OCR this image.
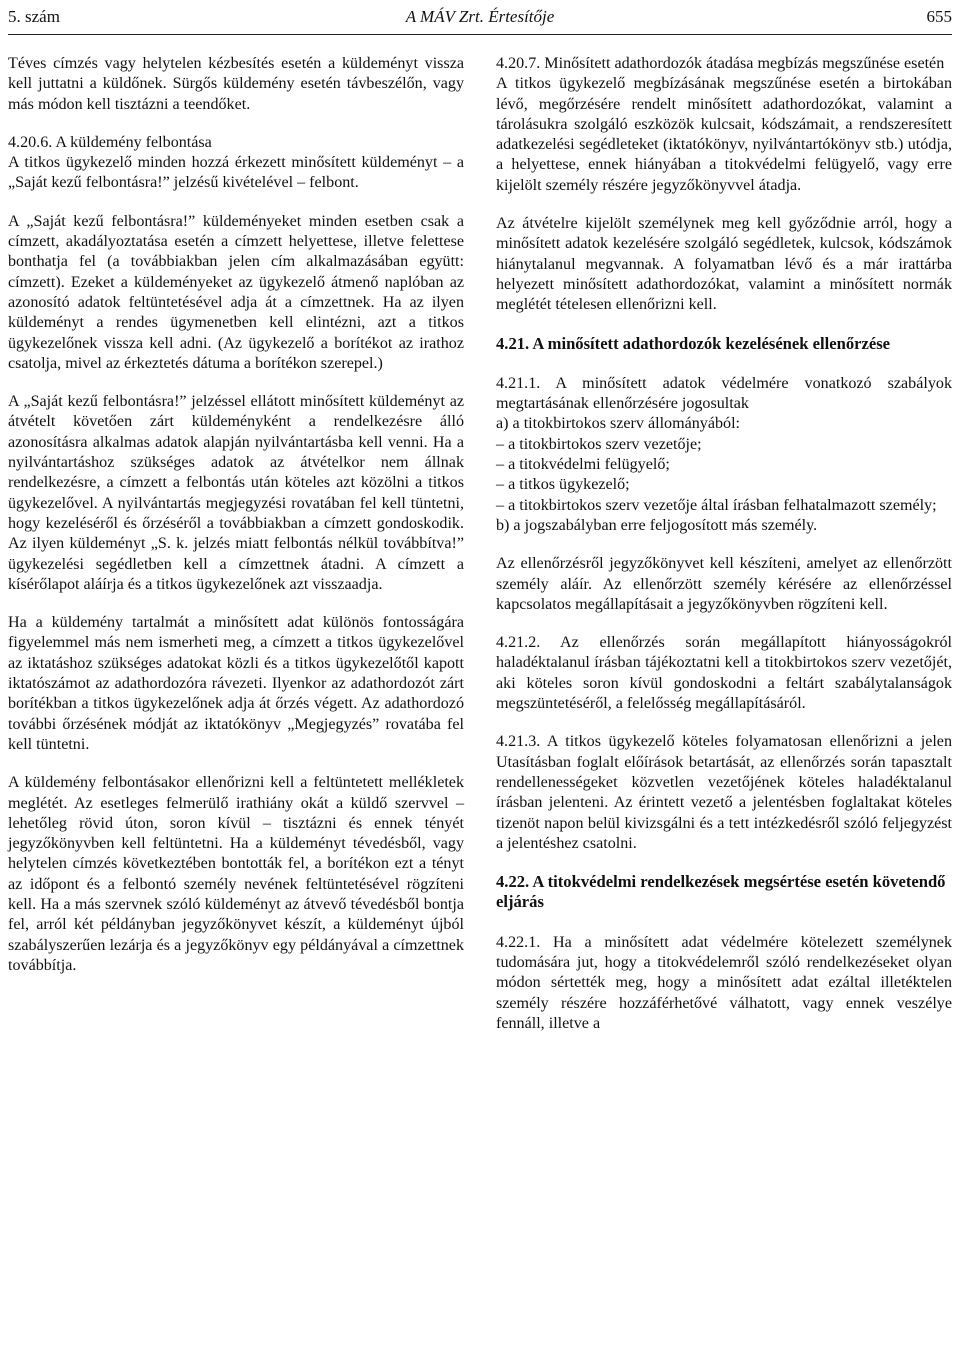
5. szám	A MÁV Zrt. Értesítője	655

Téves címzés vagy helytelen kézbesítés esetén a küldeményt vissza kell juttatni a küldőnek. Sürgős küldemény esetén távbeszélőn, vagy más módon kell tisztázni a teendőket.

4.20.6. A küldemény felbontása

A titkos ügykezelő minden hozzá érkezett minősített küldeményt – a „Saját kezű felbontásra!” jelzésű kivételével – felbont.

A „Saját kezű felbontásra!” küldeményeket minden esetben csak a címzett, akadályoztatása esetén a címzett helyettese, illetve felettese bonthatja fel (a továbbiakban jelen cím alkalmazásában együtt: címzett). Ezeket a küldeményeket az ügykezelő átmenő naplóban az azonosító adatok feltüntetésével adja át a címzettnek. Ha az ilyen küldeményt a rendes ügymenetben kell elintézni, azt a titkos ügykezelőnek vissza kell adni. (Az ügykezelő a borítékot az irathoz csatolja, mivel az érkeztetés dátuma a borítékon szerepel.)

A „Saját kezű felbontásra!” jelzéssel ellátott minősített küldeményt az átvételt követően zárt küldeményként a rendelkezésre álló azonosításra alkalmas adatok alapján nyilvántartásba kell venni. Ha a nyilvántartáshoz szükséges adatok az átvételkor nem állnak rendelkezésre, a címzett a felbontás után köteles azt közölni a titkos ügykezelővel. A nyilvántartás megjegyzési rovatában fel kell tüntetni, hogy kezeléséről és őrzéséről a továbbiakban a címzett gondoskodik. Az ilyen küldeményt „S. k. jelzés miatt felbontás nélkül továbbítva!” ügykezelési segédletben kell a címzettnek átadni. A címzett a kísérőlapot aláírja és a titkos ügykezelőnek azt visszaadja.

Ha a küldemény tartalmát a minősített adat különös fontosságára figyelemmel más nem ismerheti meg, a címzett a titkos ügykezelővel az iktatáshoz szükséges adatokat közli és a titkos ügykezelőtől kapott iktatószámot az adathordozóra rávezeti. Ilyenkor az adathordozót zárt borítékban a titkos ügykezelőnek adja át őrzés végett. Az adathordozó további őrzésének módját az iktatókönyv „Megjegyzés” rovatába fel kell tüntetni.

A küldemény felbontásakor ellenőrizni kell a feltüntetett mellékletek meglétét. Az esetleges felmerülő irathiány okát a küldő szervvel – lehetőleg rövid úton, soron kívül – tisztázni és ennek tényét jegyzőkönyvben kell feltüntetni. Ha a küldeményt tévedésből, vagy helytelen címzés következtében bontották fel, a borítékon ezt a tényt az időpont és a felbontó személy nevének feltüntetésével rögzíteni kell. Ha a más szervnek szóló küldeményt az átvevő tévedésből bontja fel, arról két példányban jegyzőkönyvet készít, a küldeményt újból szabályszerűen lezárja és a jegyzőkönyv egy példányával a címzettnek továbbítja.

4.20.7. Minősített adathordozók átadása megbízás megszűnése esetén

A titkos ügykezelő megbízásának megszűnése esetén a birtokában lévő, megőrzésére rendelt minősített adathordozókat, valamint a tárolásukra szolgáló eszközök kulcsait, kódszámait, a rendszeresített adatkezelési segédleteket (iktatókönyv, nyilvántartókönyv stb.) utódja, a helyettese, ennek hiányában a titokvédelmi felügyelő, vagy erre kijelölt személy részére jegyzőkönyvvel átadja.

Az átvételre kijelölt személynek meg kell győződnie arról, hogy a minősített adatok kezelésére szolgáló segédletek, kulcsok, kódszámok hiánytalanul megvannak. A folyamatban lévő és a már irattárba helyezett minősített adathordozókat, valamint a minősített normák meglétét tételesen ellenőrizni kell.

4.21. A minősített adathordozók kezelésének ellenőrzése

4.21.1. A minősített adatok védelmére vonatkozó szabályok megtartásának ellenőrzésére jogosultak

a) a titokbirtokos szerv állományából:

– a titokbirtokos szerv vezetője;

– a titokvédelmi felügyelő;

– a titkos ügykezelő;

– a titokbirtokos szerv vezetője által írásban felhatalmazott személy;

b) a jogszabályban erre feljogosított más személy.

Az ellenőrzésről jegyzőkönyvet kell készíteni, amelyet az ellenőrzött személy aláír. Az ellenőrzött személy kérésére az ellenőrzéssel kapcsolatos megállapításait a jegyzőkönyvben rögzíteni kell.

4.21.2. Az ellenőrzés során megállapított hiányosságokról haladéktalanul írásban tájékoztatni kell a titokbirtokos szerv vezetőjét, aki köteles soron kívül gondoskodni a feltárt szabálytalanságok megszüntetéséről, a felelősség megállapításáról.

4.21.3. A titkos ügykezelő köteles folyamatosan ellenőrizni a jelen Utasításban foglalt előírások betartását, az ellenőrzés során tapasztalt rendellenességeket közvetlen vezetőjének köteles haladéktalanul írásban jelenteni. Az érintett vezető a jelentésben foglaltakat köteles tizenöt napon belül kivizsgálni és a tett intézkedésről szóló feljegyzést a jelentéshez csatolni.

4.22. A titokvédelmi rendelkezések megsértése esetén követendő eljárás

4.22.1. Ha a minősített adat védelmére kötelezett személynek tudomására jut, hogy a titokvédelemről szóló rendelkezéseket olyan módon sértették meg, hogy a minősített adat ezáltal illetéktelen személy részére hozzáférhetővé válhatott, vagy ennek veszélye fennáll, illetve a
